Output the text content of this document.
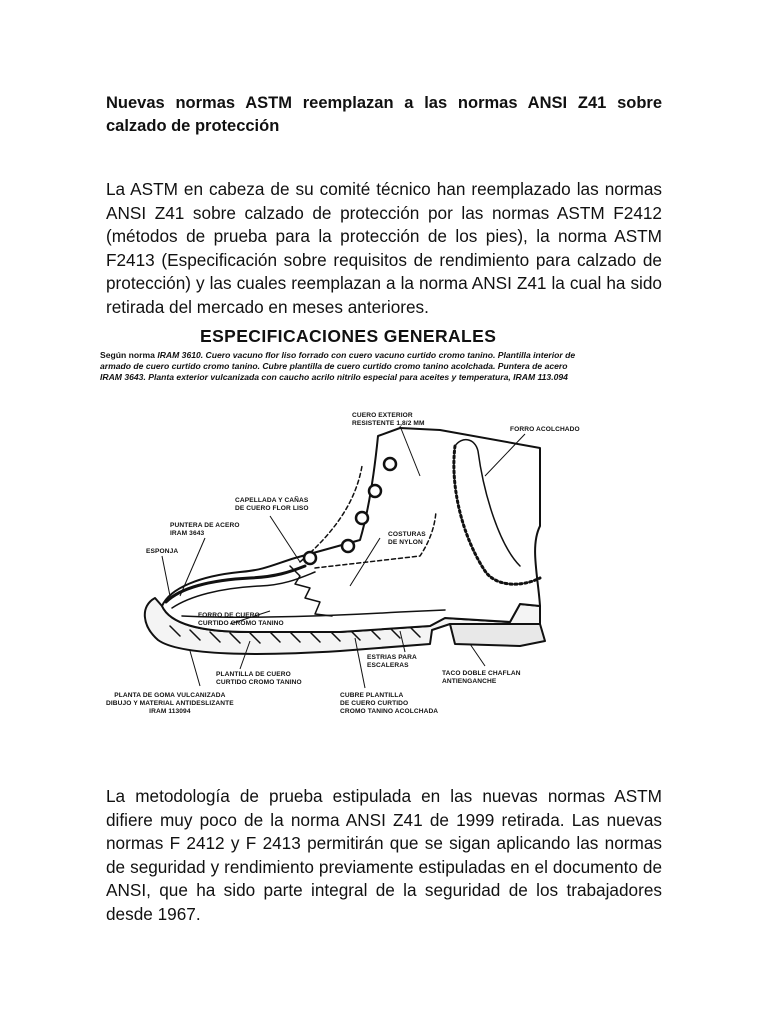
Nuevas normas ASTM reemplazan a las normas ANSI Z41 sobre calzado de protección

La ASTM en cabeza de su comité técnico han reemplazado las normas ANSI Z41 sobre calzado de protección por las normas ASTM F2412 (métodos de prueba para la protección de los pies), la norma ASTM F2413 (Especificación sobre requisitos de rendimiento para calzado de protección) y las cuales reemplazan a la norma ANSI Z41 la cual ha sido retirada del mercado en meses anteriores.

ESPECIFICACIONES GENERALES

Según norma IRAM 3610. Cuero vacuno flor liso forrado con cuero vacuno curtido cromo tanino. Plantilla interior de armado de cuero curtido cromo tanino. Cubre plantilla de cuero curtido cromo tanino acolchada. Puntera de acero IRAM 3643. Planta exterior vulcanizada con caucho acrilo nitrilo especial para aceites y temperatura, IRAM 113.094

CUERO EXTERIOR
RESISTENTE 1,8/2 MM

FORRO ACOLCHADO

CAPELLADA Y CAÑAS
DE CUERO FLOR LISO

PUNTERA DE ACERO
IRAM 3643

ESPONJA

COSTURAS
DE NYLON

FORRO DE CUERO
CURTIDO CROMO TANINO

ESTRIAS PARA
ESCALERAS

TACO DOBLE CHAFLAN
ANTIENGANCHE

PLANTILLA DE CUERO
CURTIDO CROMO TANINO

PLANTA DE GOMA VULCANIZADA
DIBUJO Y MATERIAL ANTIDESLIZANTE
IRAM 113094

CUBRE PLANTILLA
DE CUERO CURTIDO
CROMO TANINO ACOLCHADA

La metodología de prueba estipulada en las nuevas normas ASTM difiere muy poco de la norma ANSI Z41 de 1999 retirada. Las nuevas normas F 2412 y F 2413 permitirán que se sigan aplicando las normas de seguridad y rendimiento previamente estipuladas en el documento de ANSI, que ha sido parte integral de la seguridad de los trabajadores desde 1967.
